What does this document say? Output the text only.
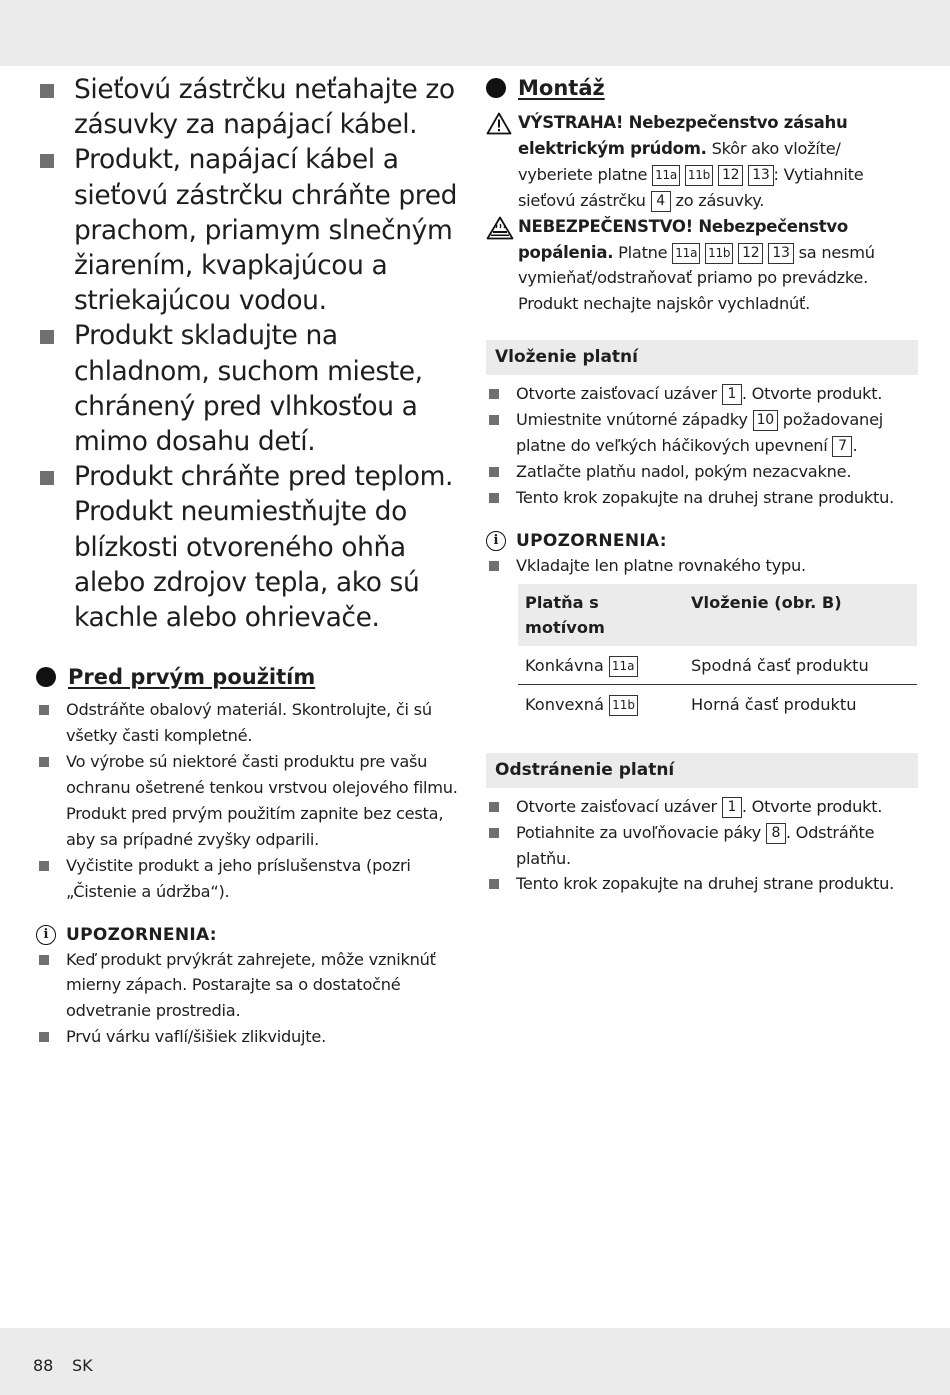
Sieťovú zástrčku neťahajte zo zásuvky za napájací kábel.
Produkt, napájací kábel a sieťovú zástrčku chráňte pred prachom, priamym slnečným žiarením, kvapkajúcou a striekajúcou vodou.
Produkt skladujte na chladnom, suchom mieste, chránený pred vlhkosťou a mimo dosahu detí.
Produkt chráňte pred teplom. Produkt neumiestňujte do blízkosti otvoreného ohňa alebo zdrojov tepla, ako sú kachle alebo ohrievače.
Pred prvým použitím
Odstráňte obalový materiál. Skontrolujte, či sú všetky časti kompletné.
Vo výrobe sú niektoré časti produktu pre vašu ochranu ošetrené tenkou vrstvou olejového filmu. Produkt pred prvým použitím zapnite bez cesta, aby sa prípadné zvyšky odparili.
Vyčistite produkt a jeho príslušenstva (pozri „Čistenie a údržba“).
i	UPOZORNENIA:
Keď produkt prvýkrát zahrejete, môže vzniknúť mierny zápach. Postarajte sa o dostatočné odvetranie prostredia.
Prvú várku vaflí/šišiek zlikvidujte.
Montáž
VÝSTRAHA! Nebezpečenstvo zásahu elektrickým prúdom. Skôr ako vložíte/ vyberiete platne 11a 11b 12 13 : Vytiahnite sieťovú zástrčku 4 zo zásuvky.
NEBEZPEČENSTVO! Nebezpečenstvo popálenia. Platne 11a 11b 12 13 sa nesmú vymieňať/odstraňovať priamo po prevádzke. Produkt nechajte najskôr vychladnúť.
Vloženie platní
Otvorte zaisťovací uzáver 1 . Otvorte produkt.
Umiestnite vnútorné západky 10 požadovanej platne do veľkých háčikových upevnení 7 .
Zatlačte platňu nadol, pokým nezacvakne.
Tento krok zopakujte na druhej strane produktu.
i	UPOZORNENIA:
Vkladajte len platne rovnakého typu.
Platňa s motívom	Vloženie (obr. B)
Konkávna 11a	Spodná časť produktu
Konvexná 11b	Horná časť produktu
Odstránenie platní
Otvorte zaisťovací uzáver 1 . Otvorte produkt.
Potiahnite za uvoľňovacie páky 8 . Odstráňte platňu.
Tento krok zopakujte na druhej strane produktu.
88 SK
